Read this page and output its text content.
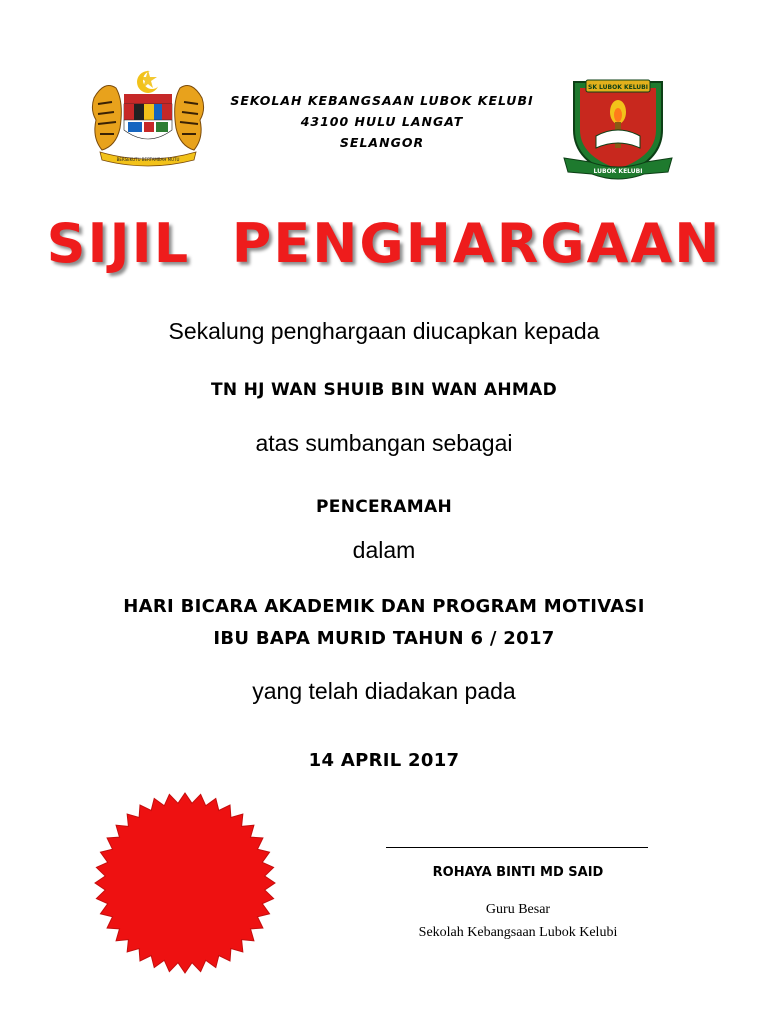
BERSEKUTU BERTAMBAH MUTU
SEKOLAH KEBANGSAAN LUBOK KELUBI
43100 HULU LANGAT
SELANGOR
SK LUBOK KELUBI
LUBOK KELUBI
SIJIL  PENGHARGAAN
Sekalung penghargaan diucapkan kepada
TN HJ WAN SHUIB BIN WAN AHMAD
atas sumbangan sebagai
PENCERAMAH
dalam
HARI BICARA AKADEMIK DAN PROGRAM MOTIVASI
IBU BAPA MURID TAHUN 6 / 2017
yang telah diadakan pada
14 APRIL 2017
ROHAYA BINTI MD SAID
Guru Besar
Sekolah Kebangsaan Lubok Kelubi
